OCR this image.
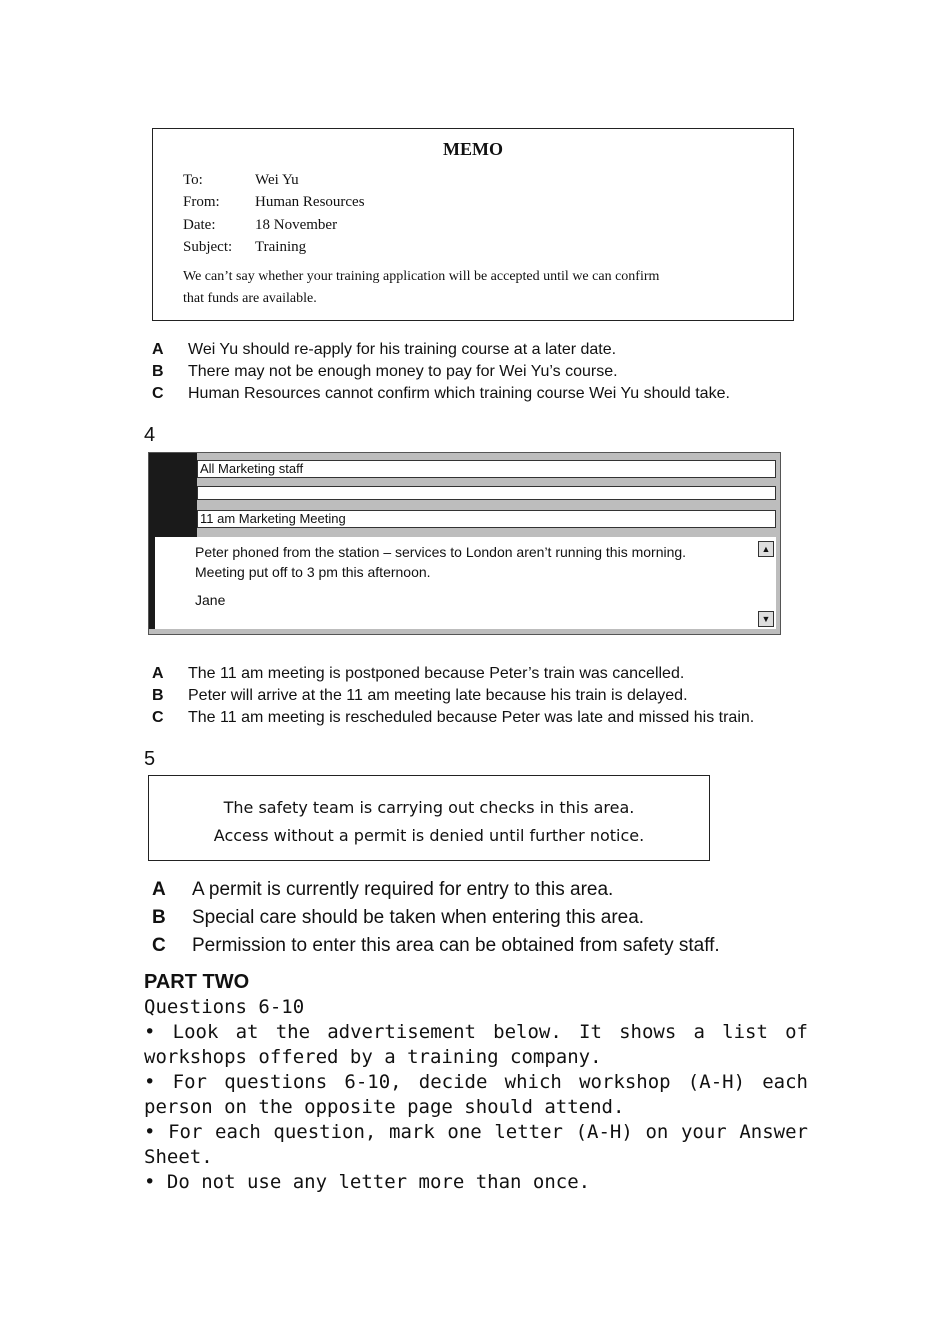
MEMO
To:	Wei Yu
From: Human Resources
Date:	18 November
Subject: Training
We can’t say whether your training application will be accepted until we can confirm
that funds are available.
A Wei Yu should re-apply for his training course at a later date.
B There may not be enough money to pay for Wei Yu’s course.
C Human Resources cannot confirm which training course Wei Yu should take.
4
All Marketing staff
11 am Marketing Meeting

Peter phoned from the station – services to London aren’t running this morning.

Meeting put off to 3 pm this afternoon.

Jane

▲
▼
A The 11 am meeting is postponed because Peter’s train was cancelled.
B Peter will arrive at the 11 am meeting late because his train is delayed.
C The 11 am meeting is rescheduled because Peter was late and missed his train.
5
The safety team is carrying out checks in this area.
Access without a permit is denied until further notice.
A A permit is currently required for entry to this area.
B Special care should be taken when entering this area.
C Permission to enter this area can be obtained from safety staff.
PART TWO
Questions 6-10
• Look at the advertisement below. It shows a list of workshops offered by a training company.
• For questions 6-10, decide which workshop (A-H) each person on the opposite page should attend.
• For each question, mark one letter (A-H) on your Answer Sheet.
• Do not use any letter more than once.
